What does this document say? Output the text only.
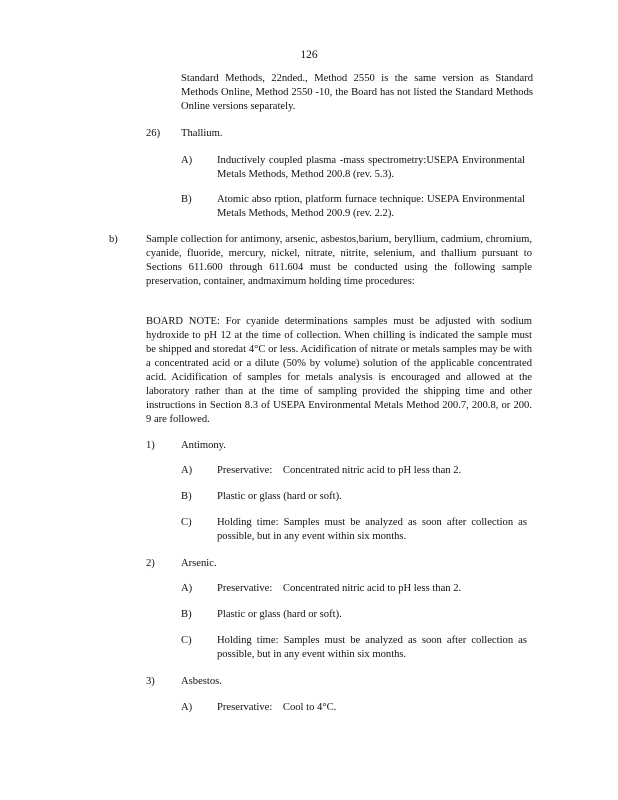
126
Standard Methods, 22nded., Method 2550 is the same version as Standard Methods Online, Method 2550 -10, the Board has not listed the Standard Methods Online versions separately.
26) Thallium.
A) Inductively coupled plasma -mass spectrometry:USEPA Environmental Metals Methods, Method 200.8 (rev. 5.3).
B) Atomic abso rption, platform furnace technique: USEPA Environmental Metals Methods, Method 200.9 (rev. 2.2).
b)	Sample collection for antimony, arsenic, asbestos,barium, beryllium, cadmium, chromium, cyanide, fluoride, mercury, nickel, nitrate, nitrite, selenium, and thallium pursuant to Sections 611.600 through 611.604 must be conducted using the following sample preservation, container, andmaximum holding time procedures:
BOARD NOTE: For cyanide determinations samples must be adjusted with sodium hydroxide to pH 12 at the time of collection. When chilling is indicated the sample must be shipped and storedat 4°C or less. Acidification of nitrate or metals samples may be with a concentrated acid or a dilute (50% by volume) solution of the applicable concentrated acid. Acidification of samples for metals analysis is encouraged and allowed at the laboratory rather than at the time of sampling provided the shipping time and other instructions in Section 8.3 of USEPA Environmental Metals Method 200.7, 200.8, or 200. 9 are followed.
1) Antimony.
A) Preservative:    Concentrated nitric acid to pH less than 2.
B) Plastic or glass (hard or soft).
C) Holding time: Samples must be analyzed as soon after collection as possible, but in any event within six months.
2) Arsenic.
A) Preservative:    Concentrated nitric acid to pH less than 2.
B) Plastic or glass (hard or soft).
C) Holding time: Samples must be analyzed as soon after collection as possible, but in any event within six months.
3) Asbestos.
A) Preservative:    Cool to 4°C.
